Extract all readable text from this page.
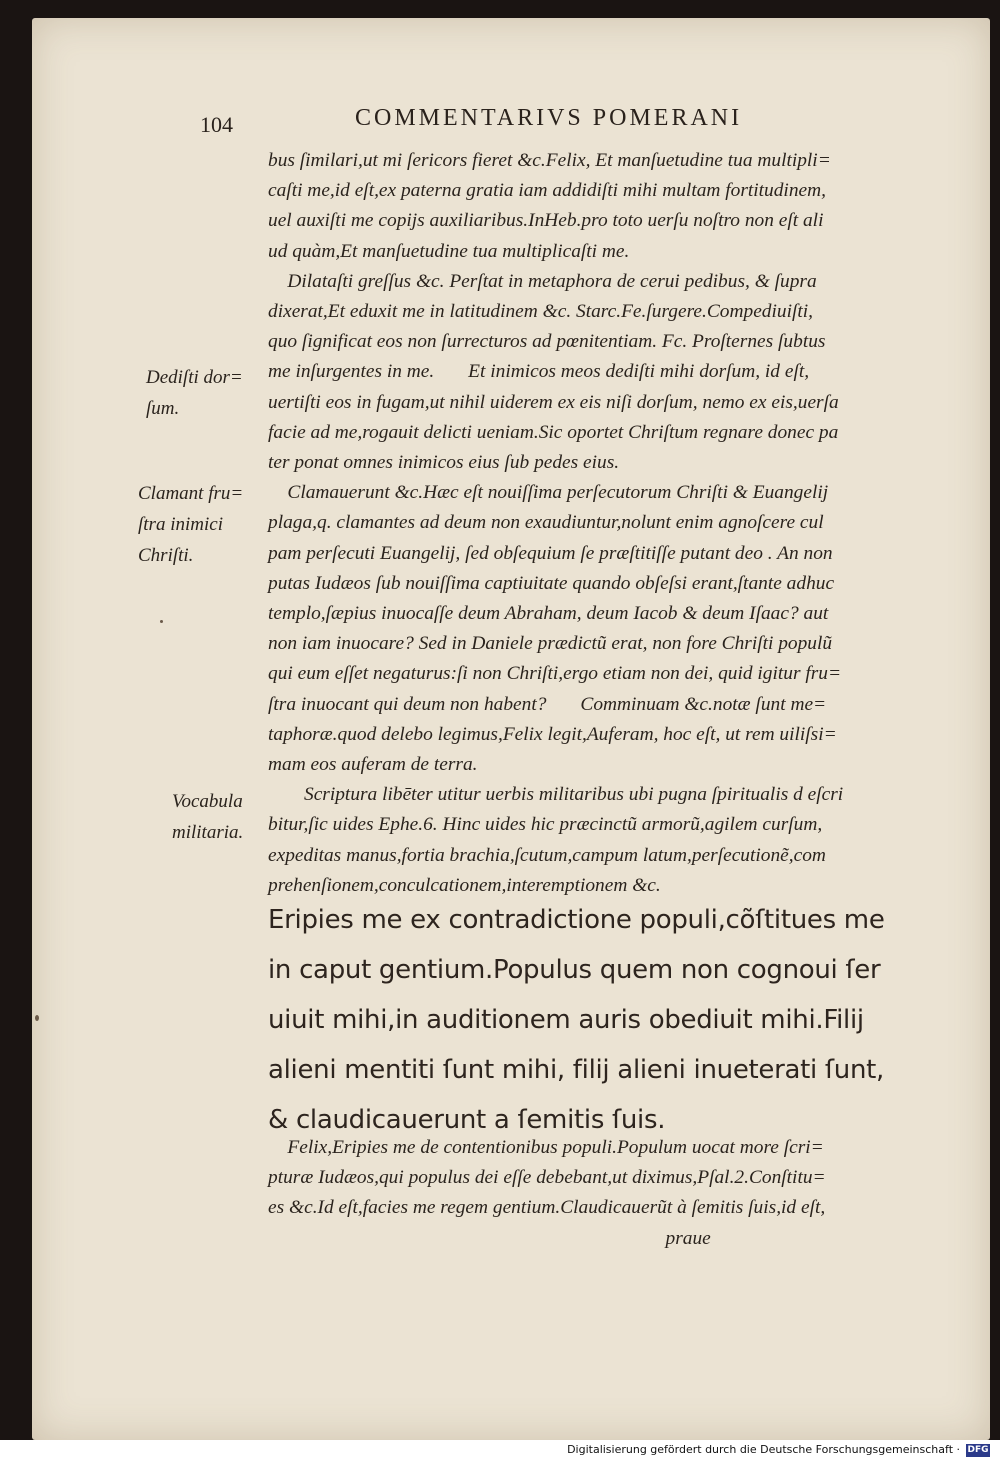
104	COMMENTARIVS POMERANI

bus ſimilari,ut mi ſericors fieret &c.Felix, Et manſuetudine tua multipli=

caſti me,id eſt,ex paterna gratia iam addidiſti mihi multam fortitudinem,

uel auxiſti me copijs auxiliaribus.InHeb.pro toto uerſu noſtro non eſt ali

ud quàm,Et manſuetudine tua multiplicaſti me.

Dilataſti greſſus &c. Perſtat in metaphora de cerui pedibus, & ſupra

dixerat,Et eduxit me in latitudinem &c. Starc.Fe.ſurgere.Compediuiſti,

quo ſignificat eos non ſurrecturos ad pœnitentiam. Fc. Proſternes ſubtus

me inſurgentes in me.       Et inimicos meos dediſti mihi dorſum, id eſt,

uertiſti eos in fugam,ut nihil uiderem ex eis niſi dorſum, nemo ex eis,uerſa

facie ad me,rogauit delicti ueniam.Sic oportet Chriſtum regnare donec pa

ter ponat omnes inimicos eius ſub pedes eius.

Clamauerunt &c.Hæc eſt nouiſſima perſecutorum Chriſti & Euangelij

plaga,q. clamantes ad deum non exaudiuntur,nolunt enim agnoſcere cul

pam perſecuti Euangelij, ſed obſequium ſe præſtitiſſe putant deo . An non

putas Iudæos ſub nouiſſima captiuitate quando obſeſsi erant,ſtante adhuc

templo,ſæpius inuocaſſe deum Abraham, deum Iacob & deum Iſaac? aut

non iam inuocare? Sed in Daniele prædictũ erat, non fore Chriſti populũ

qui eum eſſet negaturus:ſi non Chriſti,ergo etiam non dei, quid igitur fru=

ſtra inuocant qui deum non habent?       Comminuam &c.notæ ſunt me=

taphoræ.quod delebo legimus,Felix legit,Auferam, hoc eſt, ut rem uiliſsi=

mam eos auferam de terra.

Scriptura libēter utitur uerbis militaribus ubi pugna ſpiritualis d eſcri

bitur,ſic uides Ephe.6. Hinc uides hic præcinctũ armorũ,agilem curſum,

expeditas manus,fortia brachia,ſcutum,campum latum,perſecutionẽ,com

prehenſionem,conculcationem,interemptionem &c.

Eripies me ex contradictione populi,cõſtitues me

in caput gentium.Populus quem non cognoui ſer

uiuit mihi,in auditionem auris obediuit mihi.Filij

alieni mentiti ſunt mihi, filij alieni inueterati ſunt,

& claudicauerunt a ſemitis ſuis.

Felix,Eripies me de contentionibus populi.Populum uocat more ſcri=

pturæ Iudæos,qui populus dei eſſe debebant,ut diximus,Pſal.2.Conſtitu=

es &c.Id eſt,facies me regem gentium.Claudicauerũt à ſemitis ſuis,id eſt,

praue

Dediſti dor=

ſum.

Clamant fru=

ſtra inimici

Chriſti.

Vocabula

militaria.

Digitalisierung gefördert durch die Deutsche Forschungsgemeinschaft · DFG
